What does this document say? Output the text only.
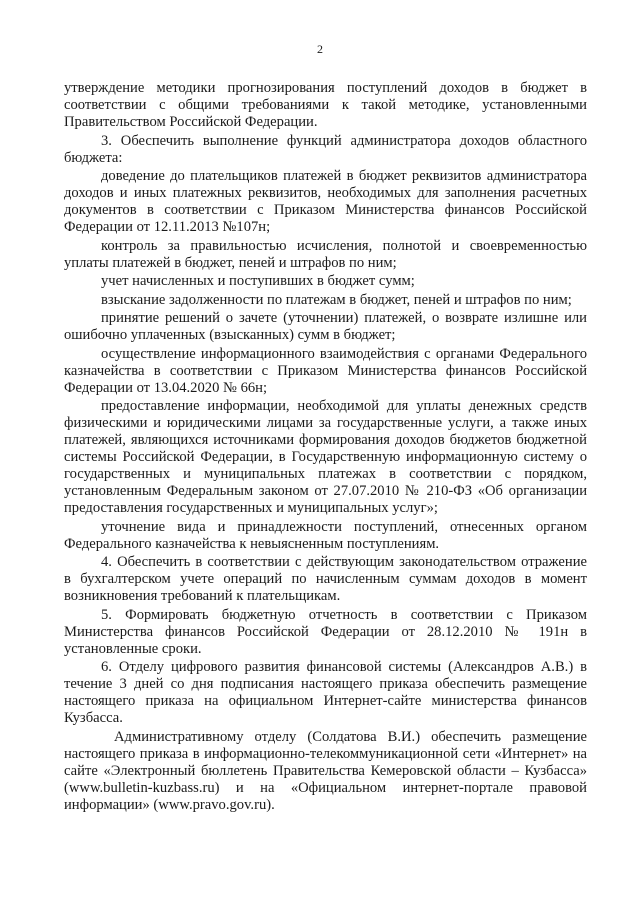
2

утверждение методики прогнозирования поступлений доходов в бюджет в соответствии с общими требованиями к такой методике, установленными Правительством Российской Федерации.

3. Обеспечить выполнение функций администратора доходов областного бюджета:

доведение до плательщиков платежей в бюджет реквизитов администратора доходов и иных платежных реквизитов, необходимых для заполнения расчетных документов в соответствии с Приказом Министерства финансов Российской Федерации от 12.11.2013 №107н;

контроль за правильностью исчисления, полнотой и своевременностью уплаты платежей в бюджет, пеней и штрафов по ним;

учет начисленных и поступивших в бюджет сумм;

взыскание задолженности по платежам в бюджет, пеней и штрафов по ним;

принятие решений о зачете (уточнении) платежей, о возврате излишне или ошибочно уплаченных (взысканных) сумм в бюджет;

осуществление информационного взаимодействия с органами Федерального казначейства в соответствии с Приказом Министерства финансов Российской Федерации от 13.04.2020 № 66н;

предоставление информации, необходимой для уплаты денежных средств физическими и юридическими лицами за государственные услуги, а также иных платежей, являющихся источниками формирования доходов бюджетов бюджетной системы Российской Федерации, в Государственную информационную систему о государственных и муниципальных платежах в соответствии с порядком, установленным Федеральным законом от 27.07.2010 № 210-ФЗ «Об организации предоставления государственных и муниципальных услуг»;

уточнение вида и принадлежности поступлений, отнесенных органом Федерального казначейства к невыясненным поступлениям.

4. Обеспечить в соответствии с действующим законодательством отражение в бухгалтерском учете операций по начисленным суммам доходов в момент возникновения требований к плательщикам.

5. Формировать бюджетную отчетность в соответствии с Приказом Министерства финансов Российской Федерации от 28.12.2010 № 191н в установленные сроки.

6. Отделу цифрового развития финансовой системы (Александров А.В.) в течение 3 дней со дня подписания настоящего приказа обеспечить размещение настоящего приказа на официальном Интернет-сайте министерства финансов Кузбасса.

Административному отделу (Солдатова В.И.) обеспечить размещение настоящего приказа в информационно-телекоммуникационной сети «Интернет» на сайте «Электронный бюллетень Правительства Кемеровской области – Кузбасса» (www.bulletin-kuzbass.ru) и на «Официальном интернет-портале правовой информации» (www.pravo.gov.ru).
